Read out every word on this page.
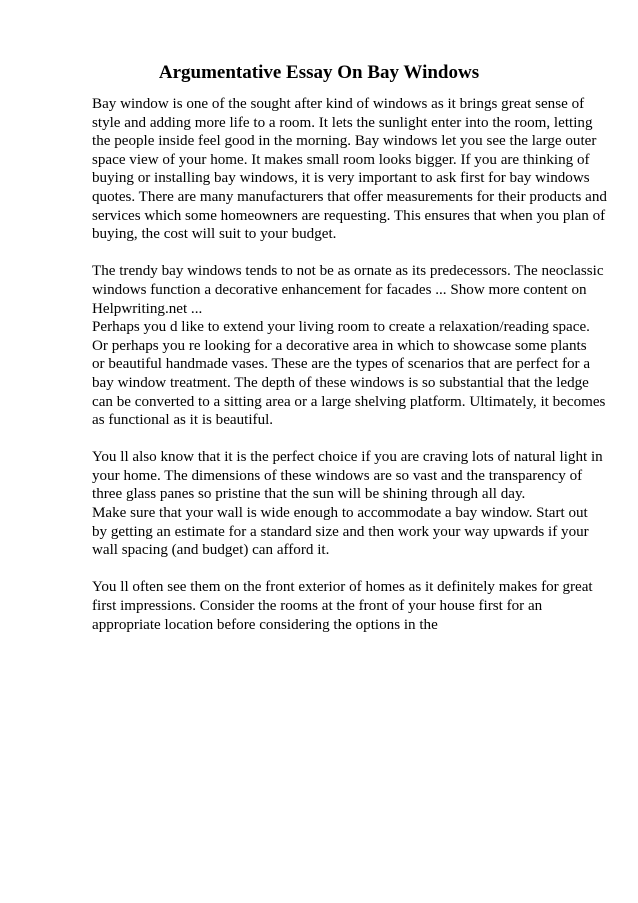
Argumentative Essay On Bay Windows
Bay window is one of the sought after kind of windows as it brings great sense of
style and adding more life to a room. It lets the sunlight enter into the room, letting
the people inside feel good in the morning. Bay windows let you see the large outer
space view of your home. It makes small room looks bigger. If you are thinking of
buying or installing bay windows, it is very important to ask first for bay windows
quotes. There are many manufacturers that offer measurements for their products and
services which some homeowners are requesting. This ensures that when you plan of
buying, the cost will suit to your budget.
The trendy bay windows tends to not be as ornate as its predecessors. The neoclassic
windows function a decorative enhancement for facades ... Show more content on
Helpwriting.net ...
Perhaps you d like to extend your living room to create a relaxation/reading space.
Or perhaps you re looking for a decorative area in which to showcase some plants
or beautiful handmade vases. These are the types of scenarios that are perfect for a
bay window treatment. The depth of these windows is so substantial that the ledge
can be converted to a sitting area or a large shelving platform. Ultimately, it becomes
as functional as it is beautiful.
You ll also know that it is the perfect choice if you are craving lots of natural light in
your home. The dimensions of these windows are so vast and the transparency of
three glass panes so pristine that the sun will be shining through all day.
Make sure that your wall is wide enough to accommodate a bay window. Start out
by getting an estimate for a standard size and then work your way upwards if your
wall spacing (and budget) can afford it.
You ll often see them on the front exterior of homes as it definitely makes for great
first impressions. Consider the rooms at the front of your house first for an
appropriate location before considering the options in the
